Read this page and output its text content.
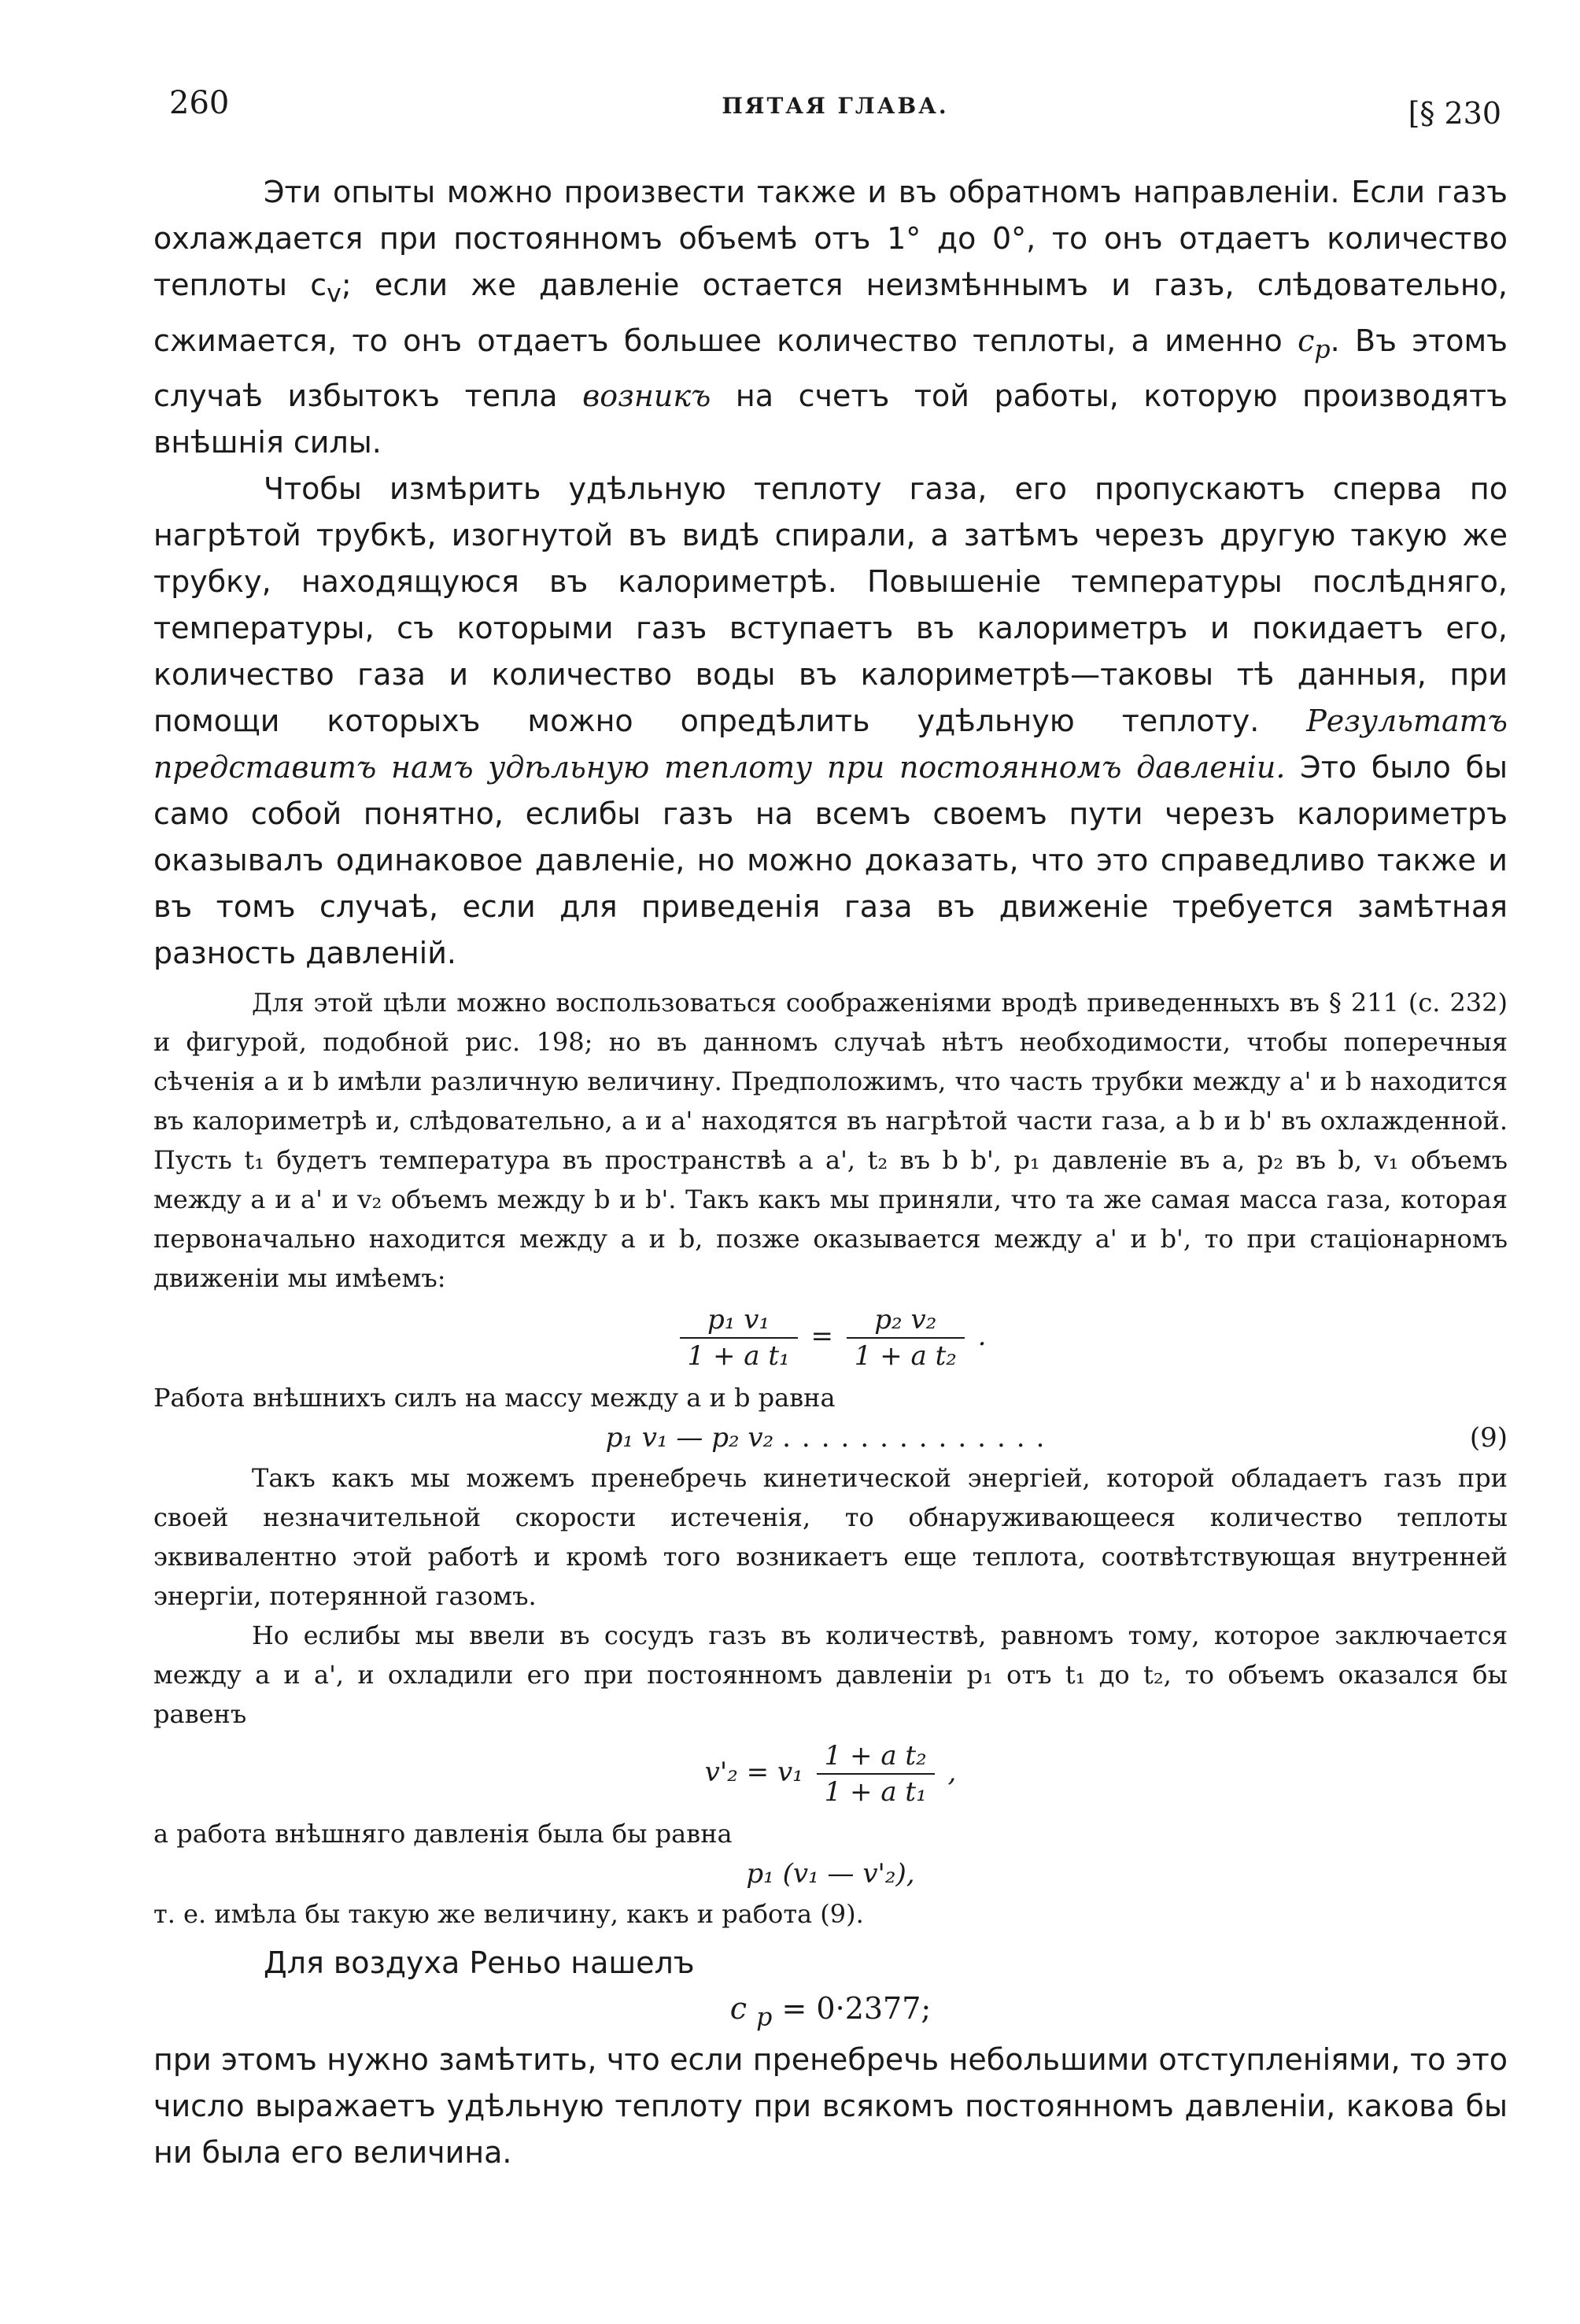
260	ПЯТАЯ ГЛАВА.	[§ 230

Эти опыты можно произвести также и въ обратномъ направленіи. Если газъ охлаждается при постоянномъ объемѣ отъ 1° до 0°, то онъ отдаетъ количество теплоты $c_v$; если же давленіе остается неизмѣннымъ и газъ, слѣдовательно, сжимается, то онъ отдаетъ большее количество теплоты, а именно $c_p$. Въ этомъ случаѣ избытокъ тепла возникъ на счетъ той работы, которую производятъ внѣшнія силы.

Чтобы измѣрить удѣльную теплоту газа, его пропускаютъ сперва по нагрѣтой трубкѣ, изогнутой въ видѣ спирали, а затѣмъ черезъ другую такую же трубку, находящуюся въ калориметрѣ. Повышеніе температуры послѣдняго, температуры, съ которыми газъ вступаетъ въ калориметръ и покидаетъ его, количество газа и количество воды въ калориметрѣ—таковы тѣ данныя, при помощи которыхъ можно опредѣлить удѣльную теплоту. Результатъ представитъ намъ удѣльную теплоту при постоянномъ давленіи. Это было бы само собой понятно, еслибы газъ на всемъ своемъ пути черезъ калориметръ оказывалъ одинаковое давленіе, но можно доказать, что это справедливо также и въ томъ случаѣ, если для приведенія газа въ движеніе требуется замѣтная разность давленій.

Для этой цѣли можно воспользоваться соображеніями вродѣ приведенныхъ въ § 211 (с. 232) и фигурой, подобной рис. 198; но въ данномъ случаѣ нѣтъ необходимости, чтобы поперечныя сѣченія a и b имѣли различную величину. Предположимъ, что часть трубки между a' и b находится въ калориметрѣ и, слѣдовательно, a и a' находятся въ нагрѣтой части газа, a b и b' въ охлажденной. Пусть t₁ будетъ температура въ пространствѣ a a', t₂ въ b b', p₁ давленіе въ a, p₂ въ b, v₁ объемъ между a и a' и v₂ объемъ между b и b'. Такъ какъ мы приняли, что та же самая масса газа, которая первоначально находится между a и b, позже оказывается между a' и b', то при стаціонарномъ движеніи мы имѣемъ:

$\frac{\text{p₁ v₁}}{\text{1 + a t₁}} = \frac{\text{p₂ v₂}}{\text{1 + a t₂}}$ .

Работа внѣшнихъ силъ на массу между a и b равна

p₁ v₁ — p₂ v₂ ..............	(9)

Такъ какъ мы можемъ пренебречь кинетической энергіей, которой обладаетъ газъ при своей незначительной скорости истеченія, то обнаруживающееся количество теплоты эквивалентно этой работѣ и кромѣ того возникаетъ еще теплота, соотвѣтствующая внутренней энергіи, потерянной газомъ.

Но еслибы мы ввели въ сосудъ газъ въ количествѣ, равномъ тому, которое заключается между a и a', и охладили его при постоянномъ давленіи p₁ отъ t₁ до t₂, то объемъ оказался бы равенъ

$v'_2 = v_1 \frac{\text{1 + a t₂}}{\text{1 + a t₁}}$ ,

а работа внѣшняго давленія была бы равна

p₁ (v₁ — v'₂),

т. е. имѣла бы такую же величину, какъ и работа (9).

Для воздуха Реньо нашелъ

c $_p$ = 0·2377;

при этомъ нужно замѣтить, что если пренебречь небольшими отступленіями, то это число выражаетъ удѣльную теплоту при всякомъ постоянномъ давленіи, какова бы ни была его величина.
